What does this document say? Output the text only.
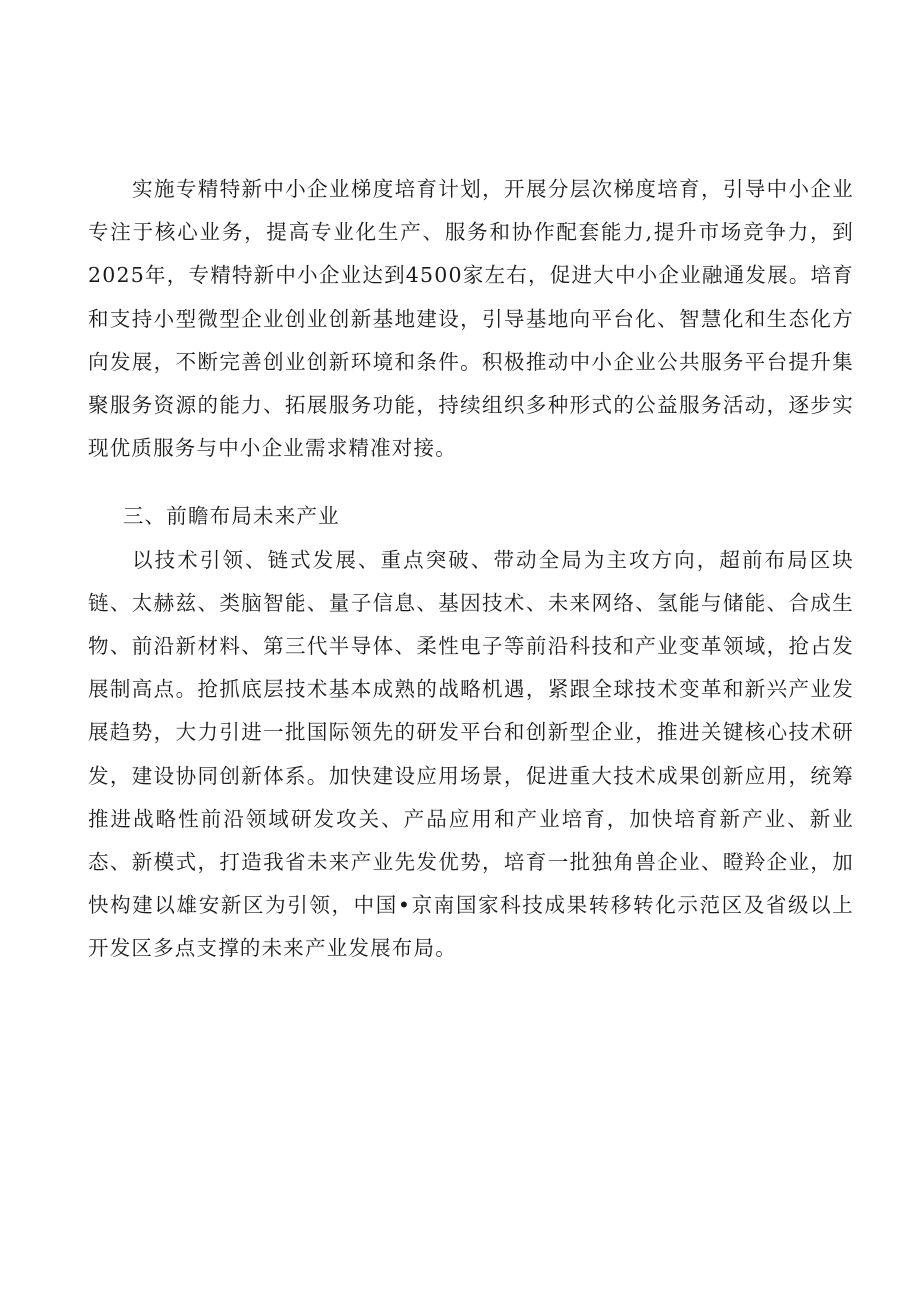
实施专精特新中小企业梯度培育计划，开展分层次梯度培育，引导中小企业专注于核心业务，提高专业化生产、服务和协作配套能力,提升市场竞争力，到2025年，专精特新中小企业达到4500家左右，促进大中小企业融通发展。培育和支持小型微型企业创业创新基地建设，引导基地向平台化、智慧化和生态化方向发展，不断完善创业创新环境和条件。积极推动中小企业公共服务平台提升集聚服务资源的能力、拓展服务功能，持续组织多种形式的公益服务活动，逐步实现优质服务与中小企业需求精准对接。

三、前瞻布局未来产业

以技术引领、链式发展、重点突破、带动全局为主攻方向，超前布局区块链、太赫兹、类脑智能、量子信息、基因技术、未来网络、氢能与储能、合成生物、前沿新材料、第三代半导体、柔性电子等前沿科技和产业变革领域，抢占发展制高点。抢抓底层技术基本成熟的战略机遇，紧跟全球技术变革和新兴产业发展趋势，大力引进一批国际领先的研发平台和创新型企业，推进关键核心技术研发，建设协同创新体系。加快建设应用场景，促进重大技术成果创新应用，统筹推进战略性前沿领域研发攻关、产品应用和产业培育，加快培育新产业、新业态、新模式，打造我省未来产业先发优势，培育一批独角兽企业、瞪羚企业，加快构建以雄安新区为引领，中国•京南国家科技成果转移转化示范区及省级以上开发区多点支撑的未来产业发展布局。
